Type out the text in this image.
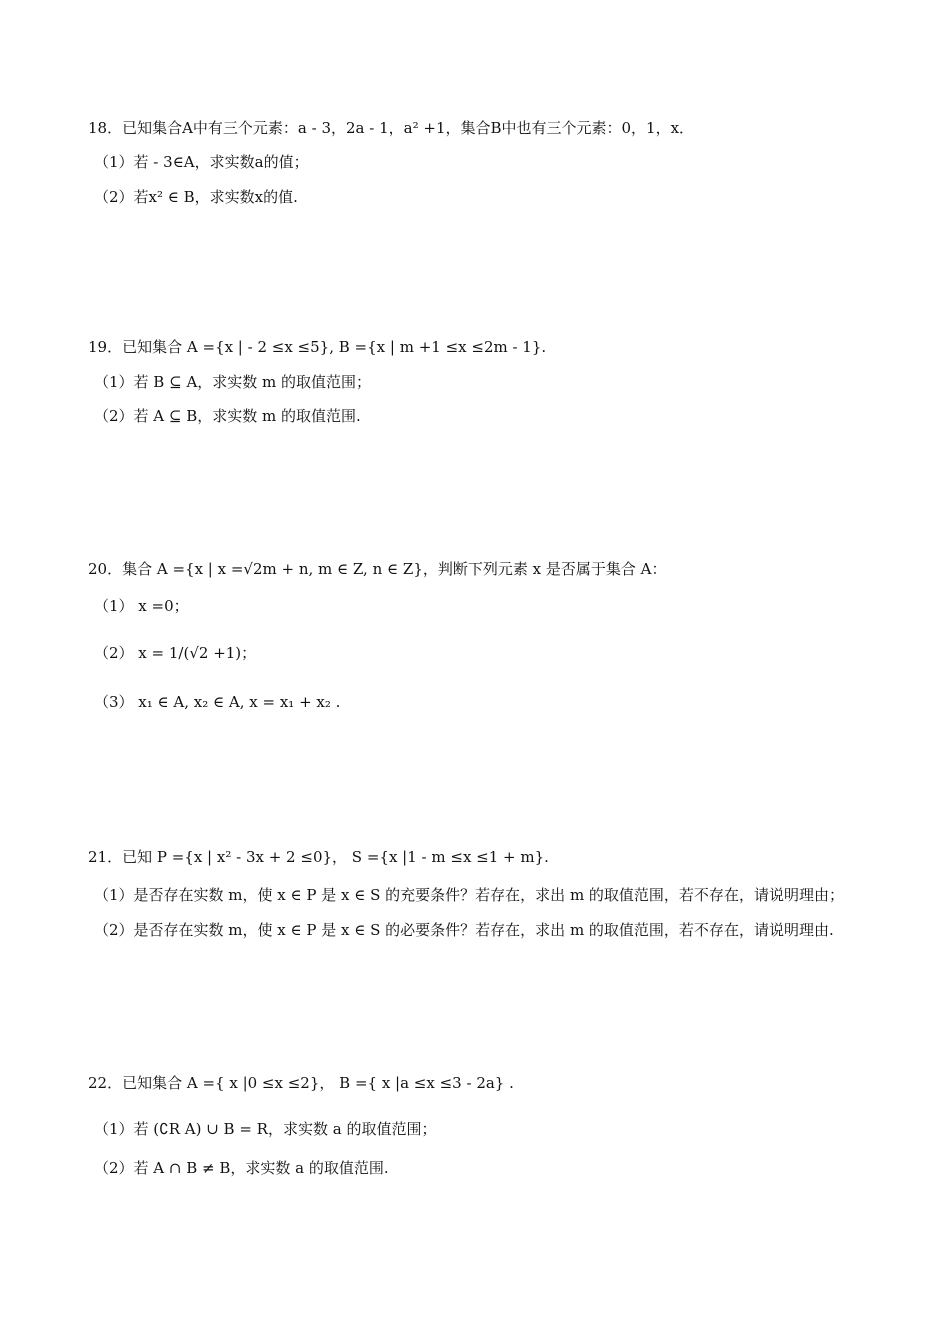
18．已知集合A中有三个元素：a - 3，2a - 1，a² +1，集合B中也有三个元素：0，1，x．
（1）若 - 3∈A，求实数a的值；
（2）若x² ∈ B，求实数x的值.
19．已知集合 A ={x | - 2 ≤x ≤5}, B ={x | m +1 ≤x ≤2m - 1}.
（1）若 B ⊆ A，求实数 m 的取值范围；
（2）若 A ⊆ B，求实数 m 的取值范围.
20．集合 A ={x | x =√2m + n, m ∈ Z, n ∈ Z}，判断下列元素 x 是否属于集合 A：
（1） x =0；
（2） x = 1/(√2 +1)；
（3） x₁ ∈ A, x₂ ∈ A, x = x₁ + x₂ .
21．已知 P ={x | x² - 3x + 2 ≤0}， S ={x |1 - m ≤x ≤1 + m}.
（1）是否存在实数 m，使 x ∈ P 是 x ∈ S 的充要条件？若存在，求出 m 的取值范围，若不存在，请说明理由；
（2）是否存在实数 m，使 x ∈ P 是 x ∈ S 的必要条件？若存在，求出 m 的取值范围，若不存在，请说明理由.
22．已知集合 A ={ x |0 ≤x ≤2}， B ={ x |a ≤x ≤3 - 2a} .
（1）若 (∁R A) ∪ B = R，求实数 a 的取值范围；
（2）若 A ∩ B ≠ B，求实数 a 的取值范围.
